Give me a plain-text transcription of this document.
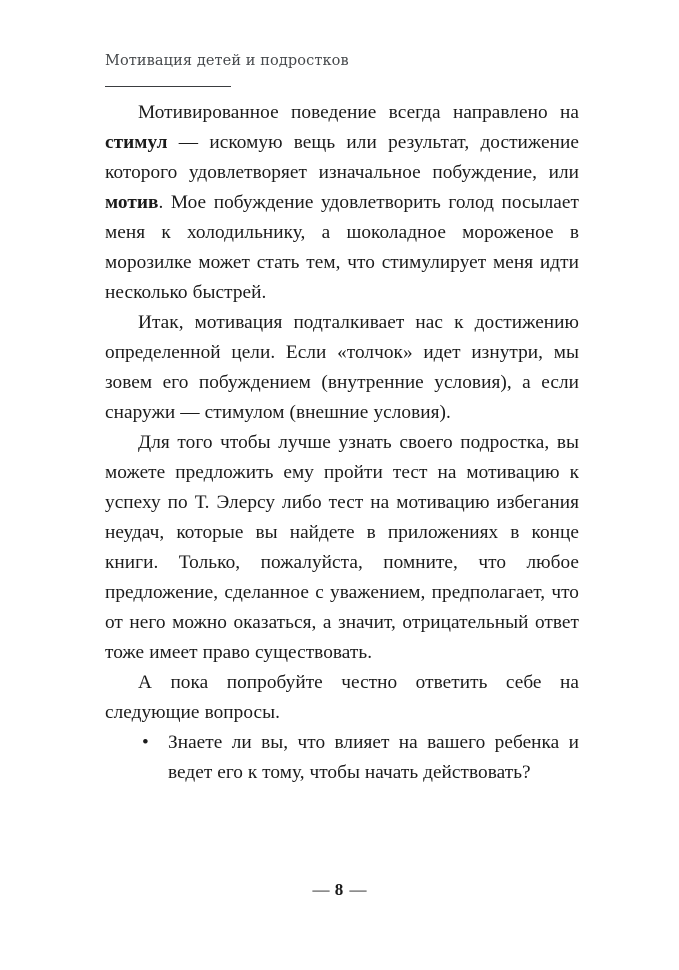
Мотивация детей и подростков

Мотивированное поведение всегда направлено на стимул — искомую вещь или результат, достижение которого удовлетворяет изначальное побуждение, или мотив. Мое побуждение удовлетворить голод посылает меня к холодильнику, а шоколадное мороженое в морозилке может стать тем, что стимулирует меня идти несколько быстрей.

Итак, мотивация подталкивает нас к достижению определенной цели. Если «толчок» идет изнутри, мы зовем его побуждением (внутренние условия), а если снаружи — стимулом (внешние условия).

Для того чтобы лучше узнать своего подростка, вы можете предложить ему пройти тест на мотивацию к успеху по Т. Элерсу либо тест на мотивацию избегания неудач, которые вы найдете в приложениях в конце книги. Только, пожалуйста, помните, что любое предложение, сделанное с уважением, предполагает, что от него можно оказаться, а значит, отрицательный ответ тоже имеет право существовать.

А пока попробуйте честно ответить себе на следующие вопросы.

• Знаете ли вы, что влияет на вашего ребенка и ведет его к тому, чтобы начать действовать?
— 8 —
